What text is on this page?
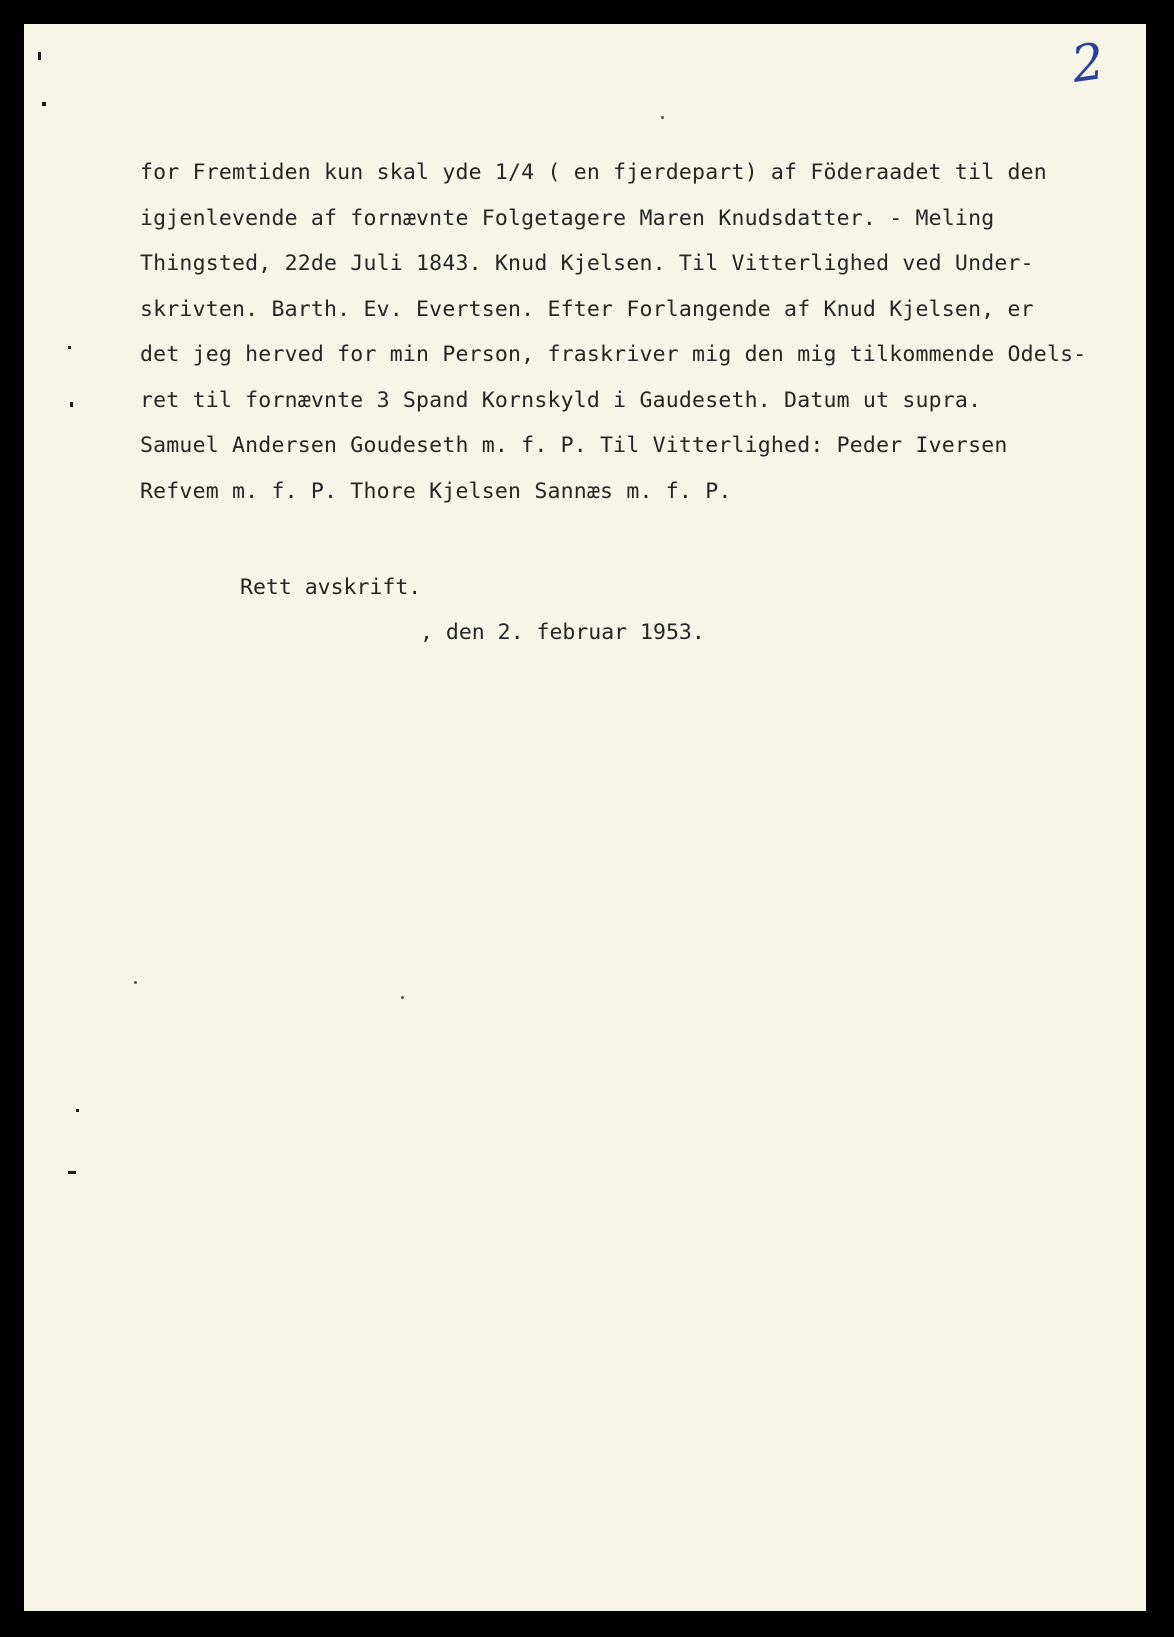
2
for Fremtiden kun skal yde 1/4 ( en fjerdepart) af Föderaadet til den
igjenlevende af fornævnte Folgetagere Maren Knudsdatter. - Meling
Thingsted, 22de Juli 1843. Knud Kjelsen. Til Vitterlighed ved Under-
skrivten. Barth. Ev. Evertsen. Efter Forlangende af Knud Kjelsen, er
det jeg herved for min Person, fraskriver mig den mig tilkommende Odels-
ret til fornævnte 3 Spand Kornskyld i Gaudeseth. Datum ut supra.
Samuel Andersen Goudeseth m. f. P. Til Vitterlighed: Peder Iversen
Refvem m. f. P. Thore Kjelsen Sannæs m. f. P.
Rett avskrift.
, den 2. februar 1953.
